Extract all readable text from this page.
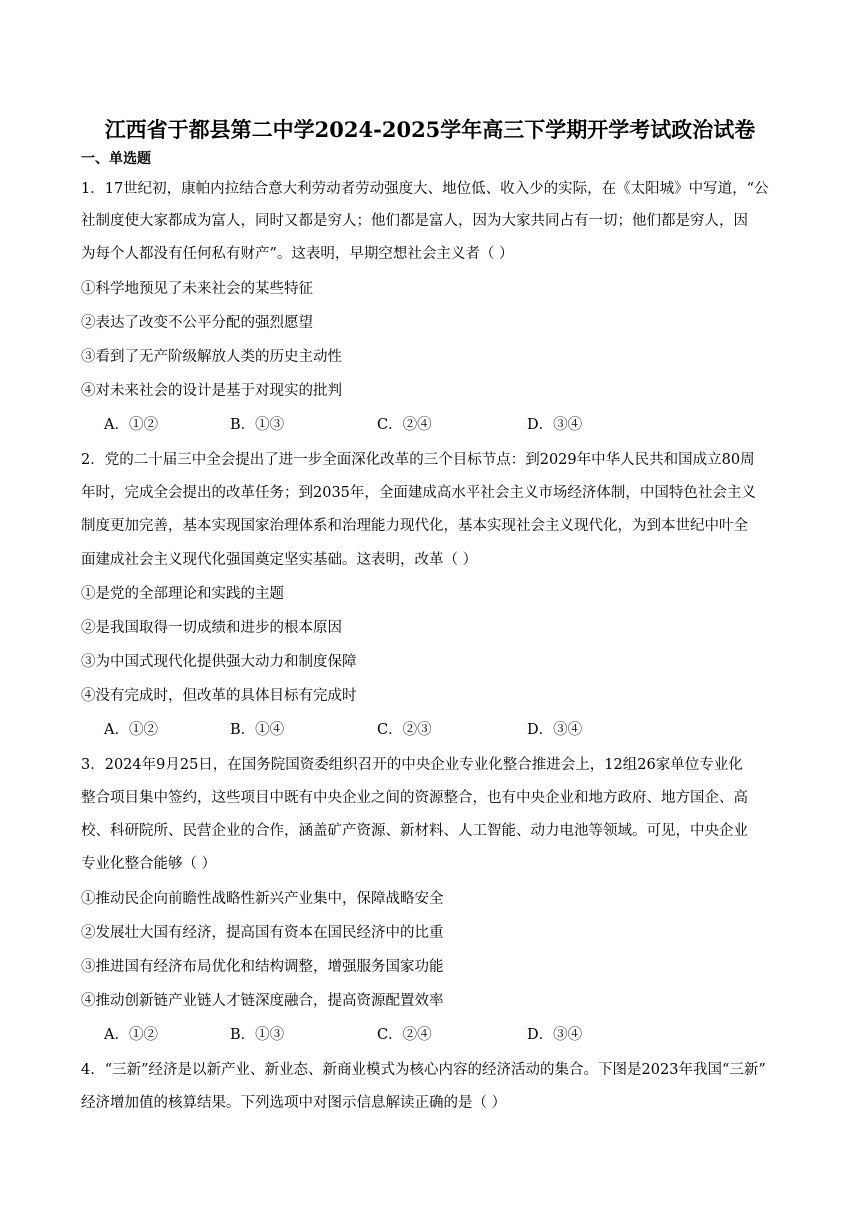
江西省于都县第二中学2024-2025学年高三下学期开学考试政治试卷
一、单选题
1．17世纪初，康帕内拉结合意大利劳动者劳动强度大、地位低、收入少的实际，在《太阳城》中写道，“公
社制度使大家都成为富人，同时又都是穷人；他们都是富人，因为大家共同占有一切；他们都是穷人，因
为每个人都没有任何私有财产”。这表明，早期空想社会主义者（ ）
①科学地预见了未来社会的某些特征
②表达了改变不公平分配的强烈愿望
③看到了无产阶级解放人类的历史主动性
④对未来社会的设计是基于对现实的批判
A．①②	B．①③	C．②④	D．③④
2．党的二十届三中全会提出了进一步全面深化改革的三个目标节点：到2029年中华人民共和国成立80周
年时，完成全会提出的改革任务；到2035年，全面建成高水平社会主义市场经济体制，中国特色社会主义
制度更加完善，基本实现国家治理体系和治理能力现代化，基本实现社会主义现代化，为到本世纪中叶全
面建成社会主义现代化强国奠定坚实基础。这表明，改革（ ）
①是党的全部理论和实践的主题
②是我国取得一切成绩和进步的根本原因
③为中国式现代化提供强大动力和制度保障
④没有完成时，但改革的具体目标有完成时
A．①②	B．①④	C．②③	D．③④
3．2024年9月25日，在国务院国资委组织召开的中央企业专业化整合推进会上，12组26家单位专业化
整合项目集中签约，这些项目中既有中央企业之间的资源整合，也有中央企业和地方政府、地方国企、高
校、科研院所、民营企业的合作，涵盖矿产资源、新材料、人工智能、动力电池等领域。可见，中央企业
专业化整合能够（ ）
①推动民企向前瞻性战略性新兴产业集中，保障战略安全
②发展壮大国有经济，提高国有资本在国民经济中的比重
③推进国有经济布局优化和结构调整，增强服务国家功能
④推动创新链产业链人才链深度融合，提高资源配置效率
A．①②	B．①③	C．②④	D．③④
4．“三新”经济是以新产业、新业态、新商业模式为核心内容的经济活动的集合。下图是2023年我国“三新”
经济增加值的核算结果。下列选项中对图示信息解读正确的是（ ）
